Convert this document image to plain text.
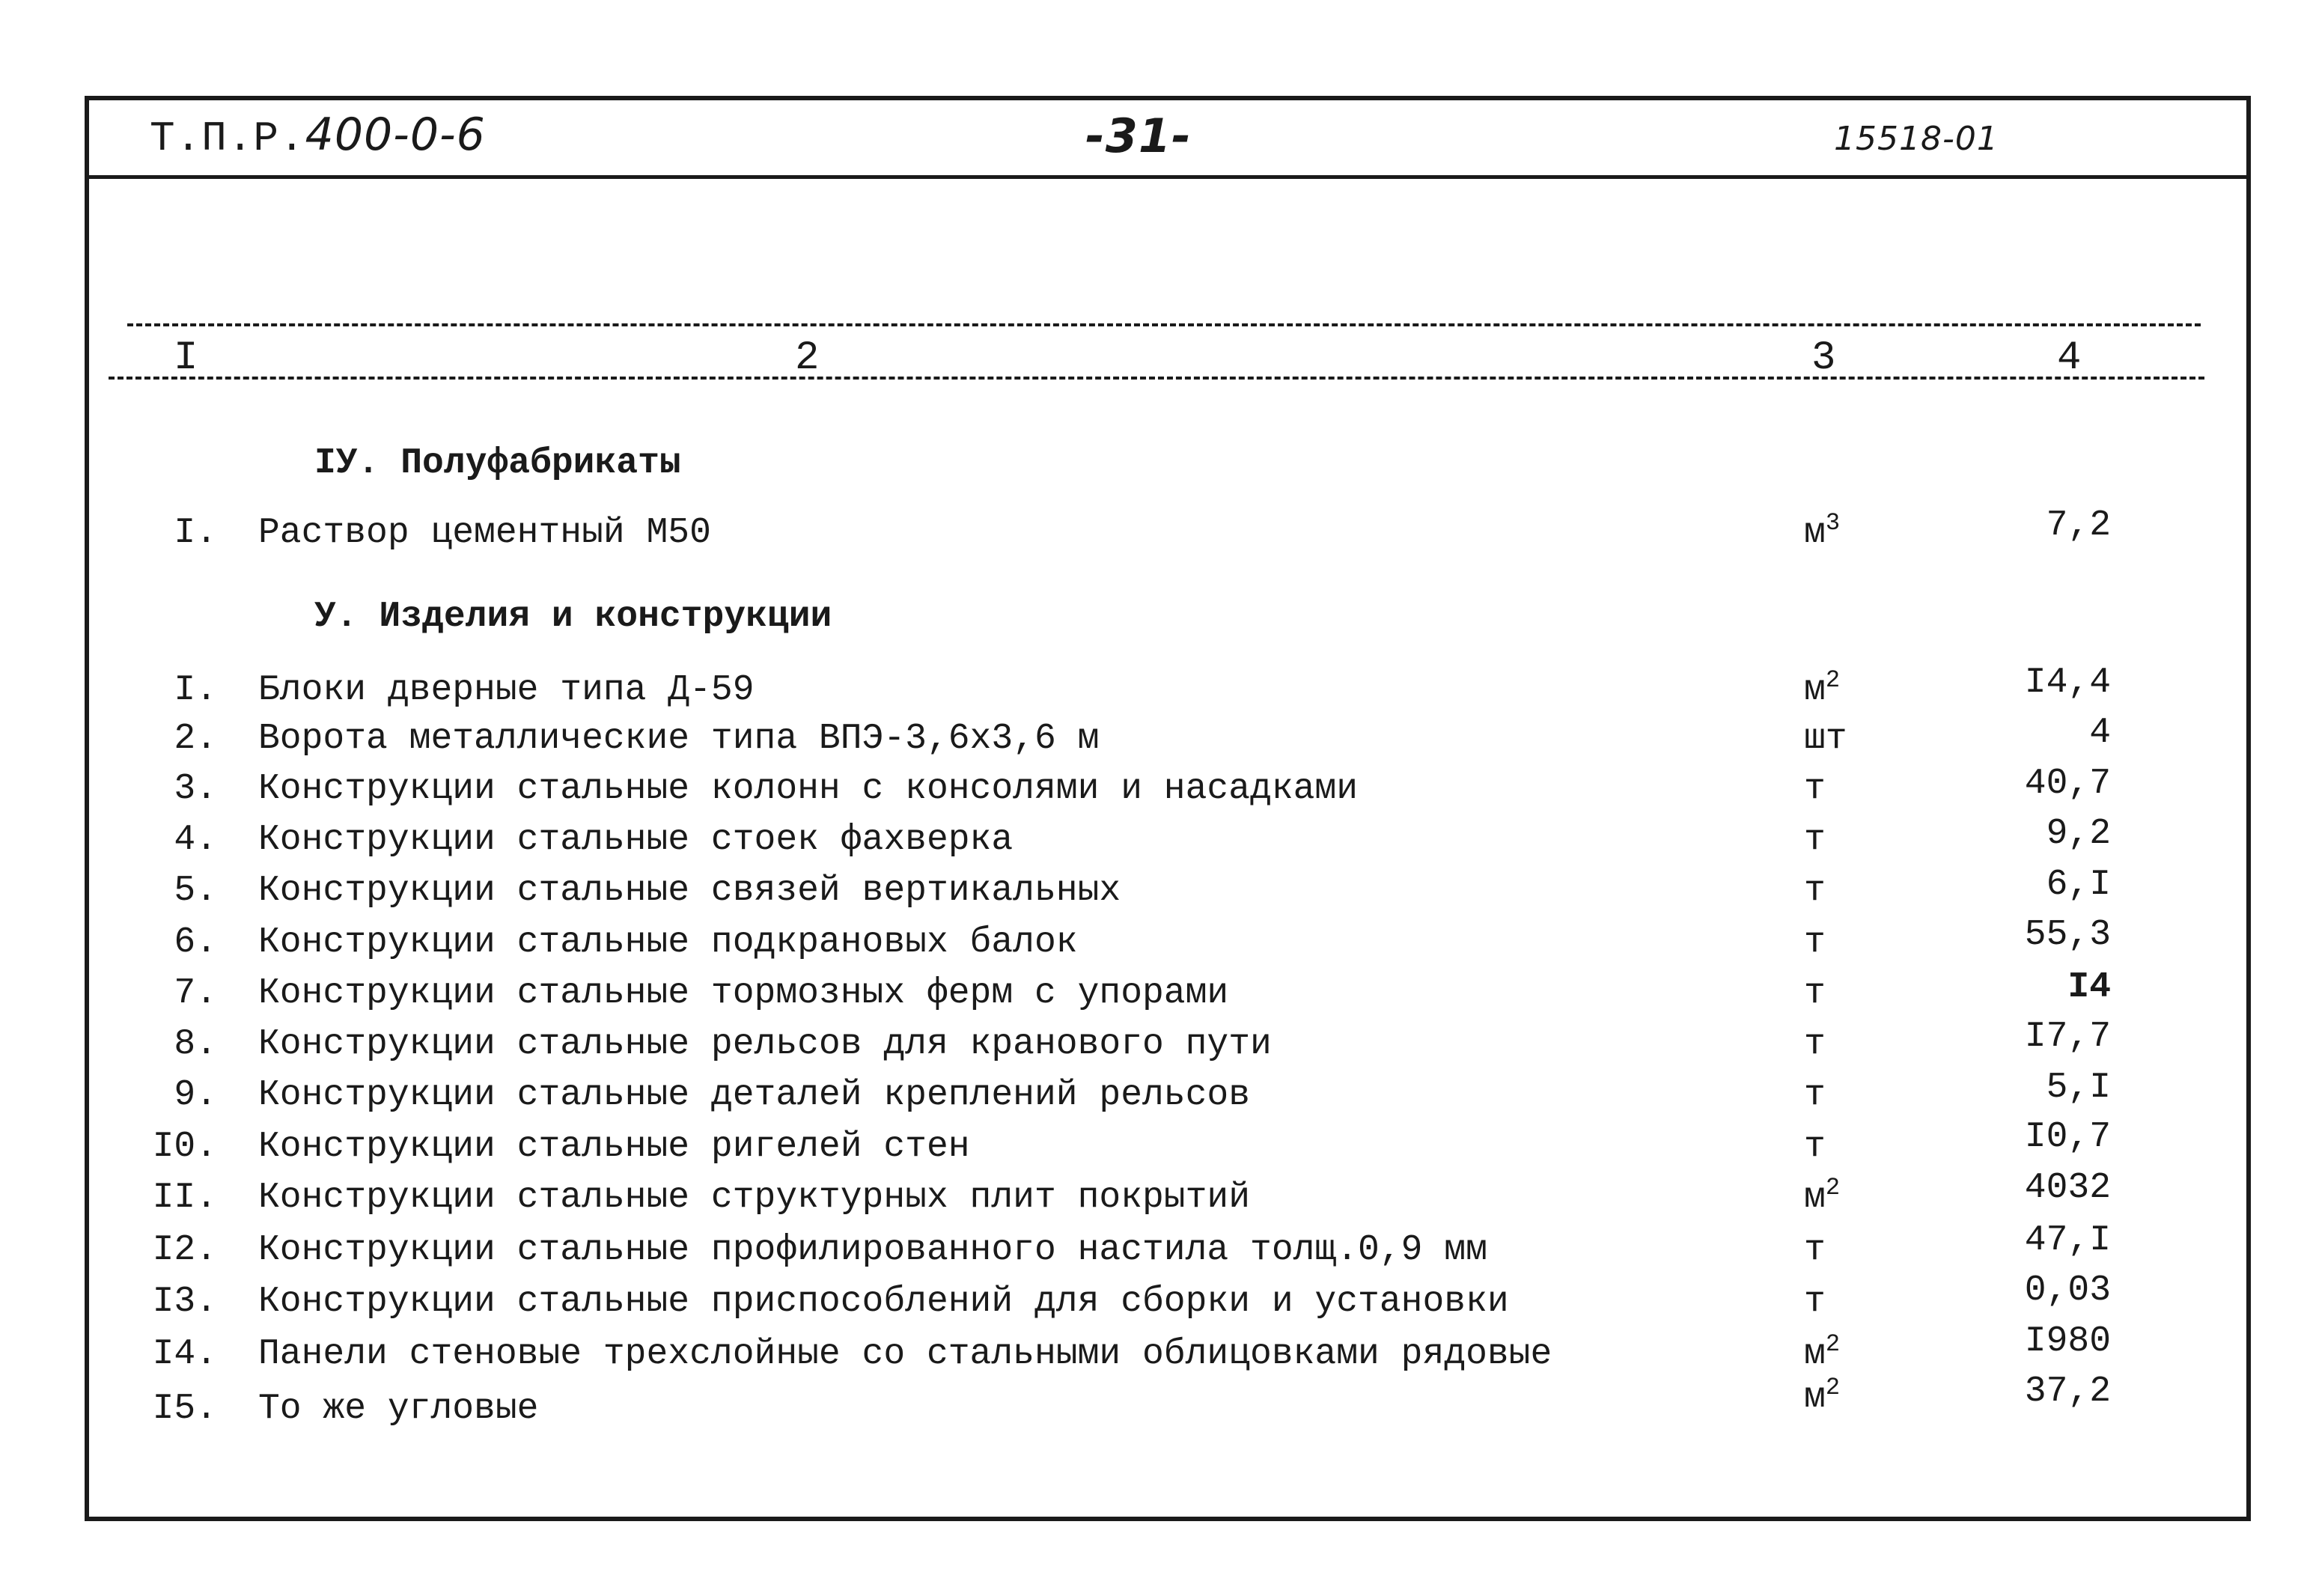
Т.П.Р.400-0-6	-31-	15518-01
I	2	3	4
IУ. Полуфабрикаты
I. Раствор цементный М50	$м^3$	7,2
У. Изделия и конструкции
I. Блоки дверные типа Д-59	$м^2$	I4,4
2. Ворота металлические типа ВПЭ-3,6х3,6 м	шт	4
3. Конструкции стальные колонн с консолями и насадками	т	40,7
4. Конструкции стальные стоек фахверка	т	9,2
5. Конструкции стальные связей вертикальных	т	6,I
6. Конструкции стальные подкрановых балок	т	55,3
7. Конструкции стальные тормозных ферм с упорами	т	I4
8. Конструкции стальные рельсов для кранового пути	т	I7,7
9. Конструкции стальные деталей креплений рельсов	т	5,I
I0. Конструкции стальные ригелей стен	т	I0,7
II. Конструкции стальные структурных плит покрытий	$м^2$	4032
I2. Конструкции стальные профилированного настила толщ.0,9 мм	т	47,I
I3. Конструкции стальные приспособлений для сборки и установки	т	0,03
I4. Панели стеновые трехслойные со стальными облицовками рядовые	$м^2$	I980
I5. То же угловые	$м^2$	37,2
